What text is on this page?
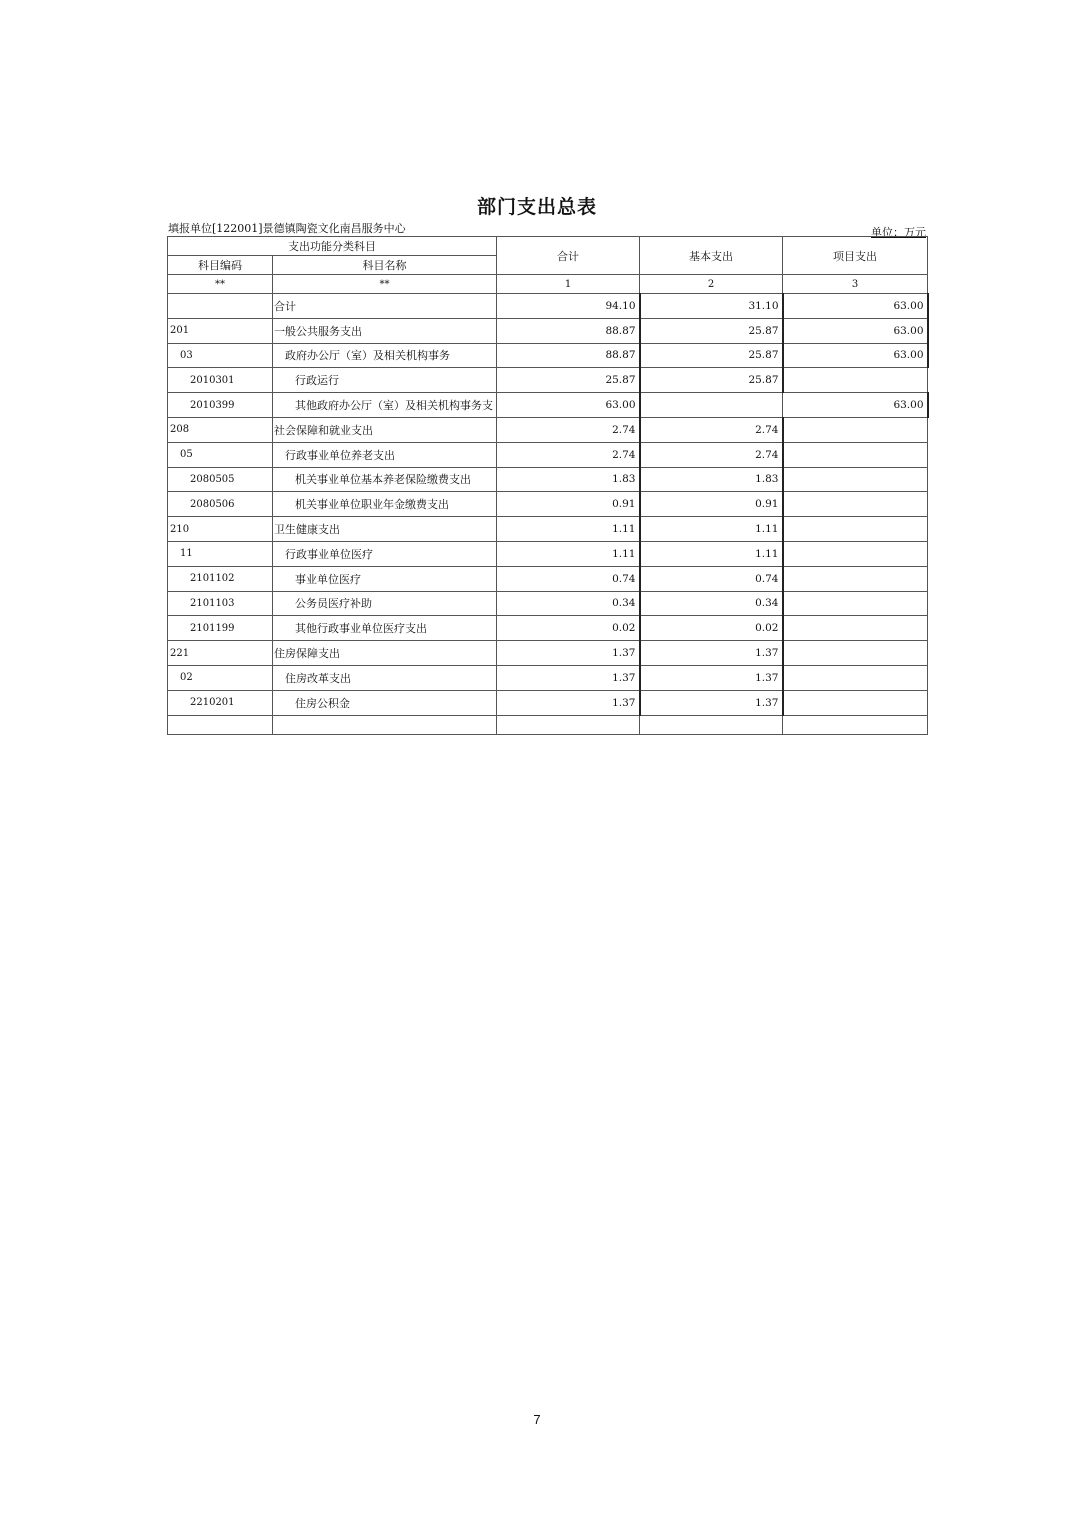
部门支出总表
填报单位[122001]景德镇陶瓷文化南昌服务中心	单位：万元
支出功能分类科目		合计	基本支出	项目支出
科目编码	科目名称			
**	**	1	2	3
	合计	94.10	31.10	63.00
201	一般公共服务支出	88.87	25.87	63.00
03	政府办公厅（室）及相关机构事务	88.87	25.87	63.00
2010301	行政运行	25.87	25.87	
2010399	其他政府办公厅（室）及相关机构事务支	63.00		63.00
208	社会保障和就业支出	2.74	2.74	
05	行政事业单位养老支出	2.74	2.74	
2080505	机关事业单位基本养老保险缴费支出	1.83	1.83	
2080506	机关事业单位职业年金缴费支出	0.91	0.91	
210	卫生健康支出	1.11	1.11	
11	行政事业单位医疗	1.11	1.11	
2101102	事业单位医疗	0.74	0.74	
2101103	公务员医疗补助	0.34	0.34	
2101199	其他行政事业单位医疗支出	0.02	0.02	
221	住房保障支出	1.37	1.37	
02	住房改革支出	1.37	1.37	
2210201	住房公积金	1.37	1.37	

7
